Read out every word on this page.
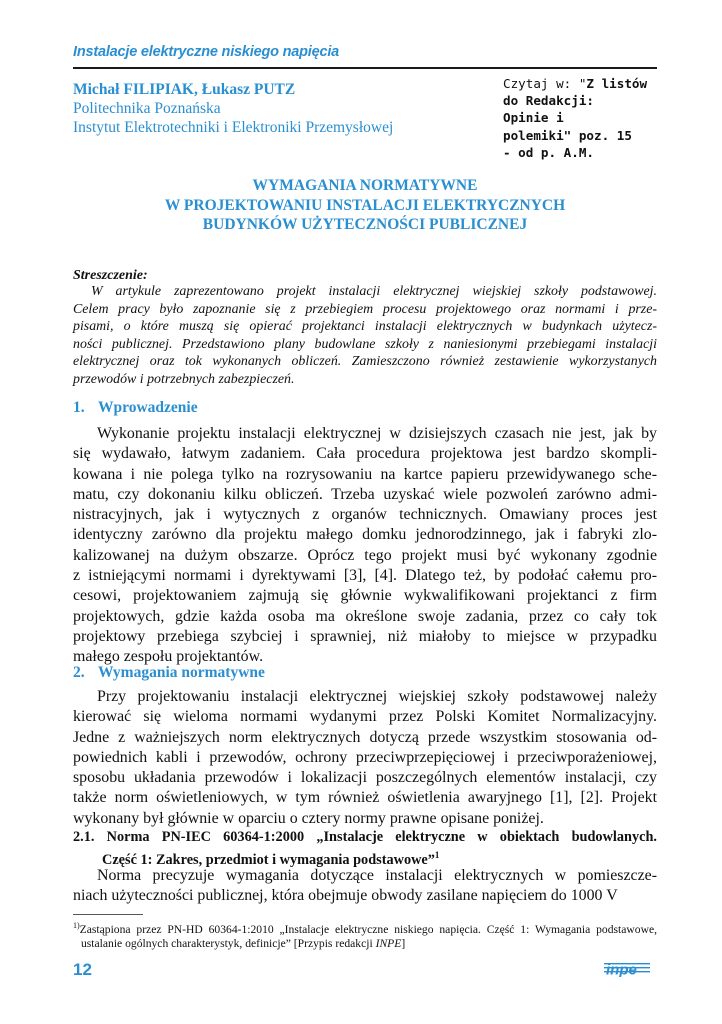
Instalacje elektryczne niskiego napięcia
Michał FILIPIAK, Łukasz PUTZ
Politechnika Poznańska
Instytut Elektrotechniki i Elektroniki Przemysłowej
Czytaj w: "Z listów
do Redakcji:
Opinie i
polemiki" poz. 15
- od p. A.M.
WYMAGANIA NORMATYWNE
W PROJEKTOWANIU INSTALACJI ELEKTRYCZNYCH
BUDYNKÓW UŻYTECZNOŚCI PUBLICZNEJ
Streszczenie:
W artykule zaprezentowano projekt instalacji elektrycznej wiejskiej szkoły podstawowej.
Celem pracy było zapoznanie się z przebiegiem procesu projektowego oraz normami i prze-
pisami, o które muszą się opierać projektanci instalacji elektrycznych w budynkach użytecz-
ności publicznej. Przedstawiono plany budowlane szkoły z naniesionymi przebiegami instalacji
elektrycznej oraz tok wykonanych obliczeń. Zamieszczono również zestawienie wykorzystanych
przewodów i potrzebnych zabezpieczeń.
1. Wprowadzenie
Wykonanie projektu instalacji elektrycznej w dzisiejszych czasach nie jest, jak by
się wydawało, łatwym zadaniem. Cała procedura projektowa jest bardzo skompli-
kowana i nie polega tylko na rozrysowaniu na kartce papieru przewidywanego sche-
matu, czy dokonaniu kilku obliczeń. Trzeba uzyskać wiele pozwoleń zarówno admi-
nistracyjnych, jak i wytycznych z organów technicznych. Omawiany proces jest
identyczny zarówno dla projektu małego domku jednorodzinnego, jak i fabryki zlo-
kalizowanej na dużym obszarze. Oprócz tego projekt musi być wykonany zgodnie
z istniejącymi normami i dyrektywami [3], [4]. Dlatego też, by podołać całemu pro-
cesowi, projektowaniem zajmują się głównie wykwalifikowani projektanci z firm
projektowych, gdzie każda osoba ma określone swoje zadania, przez co cały tok
projektowy przebiega szybciej i sprawniej, niż miałoby to miejsce w przypadku
małego zespołu projektantów.
2. Wymagania normatywne
Przy projektowaniu instalacji elektrycznej wiejskiej szkoły podstawowej należy
kierować się wieloma normami wydanymi przez Polski Komitet Normalizacyjny.
Jedne z ważniejszych norm elektrycznych dotyczą przede wszystkim stosowania od-
powiednich kabli i przewodów, ochrony przeciwprzepięciowej i przeciwporażeniowej,
sposobu układania przewodów i lokalizacji poszczególnych elementów instalacji, czy
także norm oświetleniowych, w tym również oświetlenia awaryjnego [1], [2]. Projekt
wykonany był głównie w oparciu o cztery normy prawne opisane poniżej.
2.1. Norma PN-IEC 60364-1:2000 „Instalacje elektryczne w obiektach budowlanych.
Część 1: Zakres, przedmiot i wymagania podstawowe”$^1$
Norma precyzuje wymagania dotyczące instalacji elektrycznych w pomieszcze-
niach użyteczności publicznej, która obejmuje obwody zasilane napięciem do 1000 V
$^{1)}$Zastąpiona przez PN-HD 60364-1:2010 „Instalacje elektryczne niskiego napięcia. Część 1: Wymagania podstawowe,
ustalanie ogólnych charakterystyk, definicje” [Przypis redakcji INPE]
12	inpe
